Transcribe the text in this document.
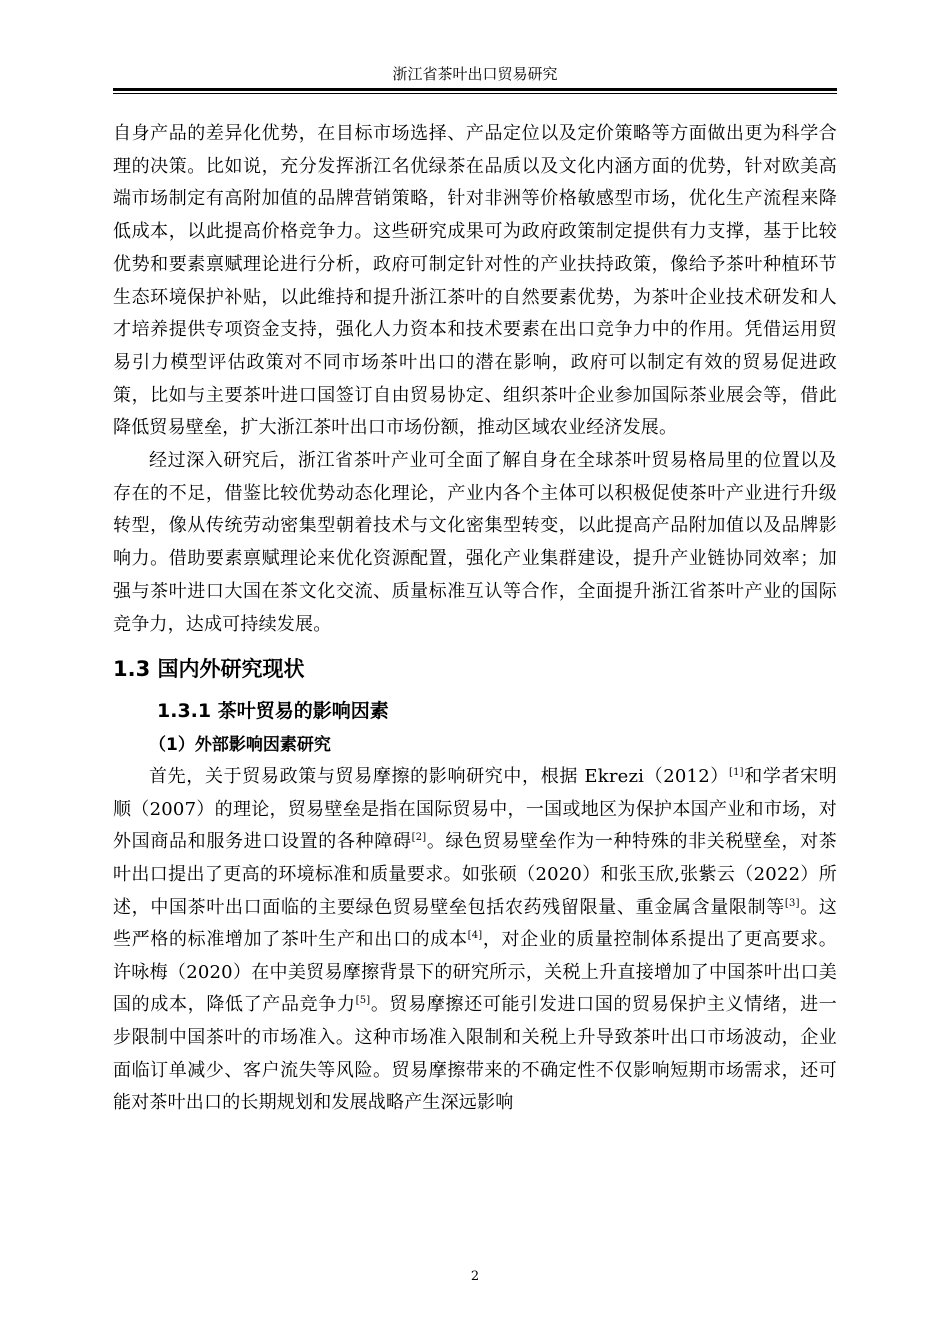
浙江省茶叶出口贸易研究

自身产品的差异化优势，在目标市场选择、产品定位以及定价策略等方面做出更为科学合理的决策。比如说，充分发挥浙江名优绿茶在品质以及文化内涵方面的优势，针对欧美高端市场制定有高附加值的品牌营销策略，针对非洲等价格敏感型市场，优化生产流程来降低成本，以此提高价格竞争力。这些研究成果可为政府政策制定提供有力支撑，基于比较优势和要素禀赋理论进行分析，政府可制定针对性的产业扶持政策，像给予茶叶种植环节生态环境保护补贴，以此维持和提升浙江茶叶的自然要素优势，为茶叶企业技术研发和人才培养提供专项资金支持，强化人力资本和技术要素在出口竞争力中的作用。凭借运用贸易引力模型评估政策对不同市场茶叶出口的潜在影响，政府可以制定有效的贸易促进政策，比如与主要茶叶进口国签订自由贸易协定、组织茶叶企业参加国际茶业展会等，借此降低贸易壁垒，扩大浙江茶叶出口市场份额，推动区域农业经济发展。

经过深入研究后，浙江省茶叶产业可全面了解自身在全球茶叶贸易格局里的位置以及存在的不足，借鉴比较优势动态化理论，产业内各个主体可以积极促使茶叶产业进行升级转型，像从传统劳动密集型朝着技术与文化密集型转变，以此提高产品附加值以及品牌影响力。借助要素禀赋理论来优化资源配置，强化产业集群建设，提升产业链协同效率；加强与茶叶进口大国在茶文化交流、质量标准互认等合作，全面提升浙江省茶叶产业的国际竞争力，达成可持续发展。

1.3 国内外研究现状
1.3.1 茶叶贸易的影响因素
（1）外部影响因素研究

首先，关于贸易政策与贸易摩擦的影响研究中，根据 Ekrezi（2012）[1]和学者宋明顺（2007）的理论，贸易壁垒是指在国际贸易中，一国或地区为保护本国产业和市场，对外国商品和服务进口设置的各种障碍[2]。绿色贸易壁垒作为一种特殊的非关税壁垒，对茶叶出口提出了更高的环境标准和质量要求。如张硕（2020）和张玉欣,张紫云（2022）所述，中国茶叶出口面临的主要绿色贸易壁垒包括农药残留限量、重金属含量限制等[3]。这些严格的标准增加了茶叶生产和出口的成本[4]，对企业的质量控制体系提出了更高要求。许咏梅（2020）在中美贸易摩擦背景下的研究所示，关税上升直接增加了中国茶叶出口美国的成本，降低了产品竞争力[5]。贸易摩擦还可能引发进口国的贸易保护主义情绪，进一步限制中国茶叶的市场准入。这种市场准入限制和关税上升导致茶叶出口市场波动，企业面临订单减少、客户流失等风险。贸易摩擦带来的不确定性不仅影响短期市场需求，还可能对茶叶出口的长期规划和发展战略产生深远影响

2
